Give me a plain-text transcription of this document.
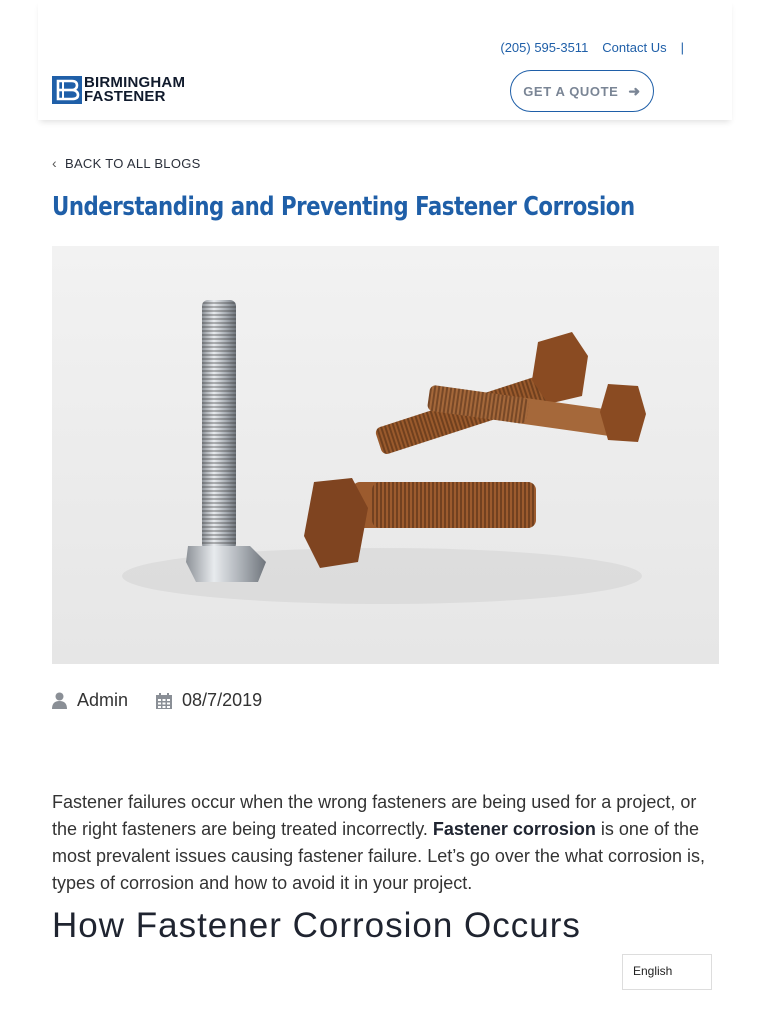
(205) 595-3511 Contact Us |
BIRMINGHAM
FASTENER	GET A QUOTE ➜
‹ BACK TO ALL BLOGS
Understanding and Preventing Fastener Corrosion
Admin	08/7/2019

Fastener failures occur when the wrong fasteners are being used for a project, or the right fasteners are being treated incorrectly. Fastener corrosion is one of the most prevalent issues causing fastener failure. Let’s go over the what corrosion is, types of corrosion and how to avoid it in your project.

How Fastener Corrosion Occurs
English
